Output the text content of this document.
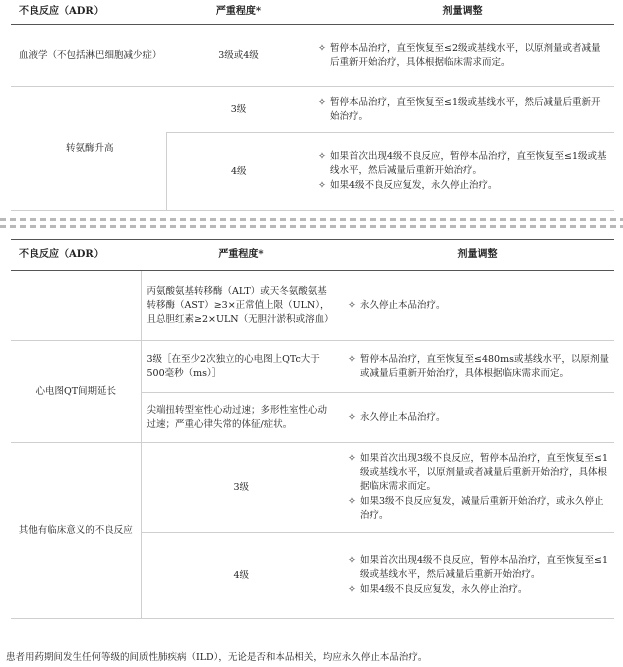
不良反应（ADR）	严重程度*	剂量调整
血液学（不包括淋巴细胞减少症）	3级或4级	✧ 暂停本品治疗，直至恢复至≤2级或基线水平，以原剂量或者减量后重新开始治疗，具体根据临床需求而定。

转氨酶升高	3级	✧ 暂停本品治疗，直至恢复至≤1级或基线水平，然后减量后重新开始治疗。

	4级	✧ 如果首次出现4级不良反应，暂停本品治疗，直至恢复至≤1级或基线水平，然后减量后重新开始治疗。
✧ 如果4级不良反应复发，永久停止治疗。
不良反应（ADR）	严重程度*	剂量调整
	丙氨酸氨基转移酶（ALT）或天冬氨酸氨基转移酶（AST）≥3×正常值上限（ULN），且总胆红素≥2×ULN（无胆汁淤积或溶血）	✧ 永久停止本品治疗。

心电图QT间期延长	3级［在至少2次独立的心电图上QTc大于500毫秒（ms）］	✧ 暂停本品治疗，直至恢复至≤480ms或基线水平，以原剂量或减量后重新开始治疗，具体根据临床需求而定。

	尖端扭转型室性心动过速；多形性室性心动过速；严重心律失常的体征/症状。	✧ 永久停止本品治疗。

其他有临床意义的不良反应	3级	✧ 如果首次出现3级不良反应，暂停本品治疗，直至恢复至≤1级或基线水平，以原剂量或者减量后重新开始治疗，具体根据临床需求而定。
✧ 如果3级不良反应复发，减量后重新开始治疗，或永久停止治疗。

	4级	✧ 如果首次出现4级不良反应，暂停本品治疗，直至恢复至≤1级或基线水平，然后减量后重新开始治疗。
✧ 如果4级不良反应复发，永久停止治疗。
患者用药期间发生任何等级的间质性肺疾病（ILD），无论是否和本品相关，均应永久停止本品治疗。
